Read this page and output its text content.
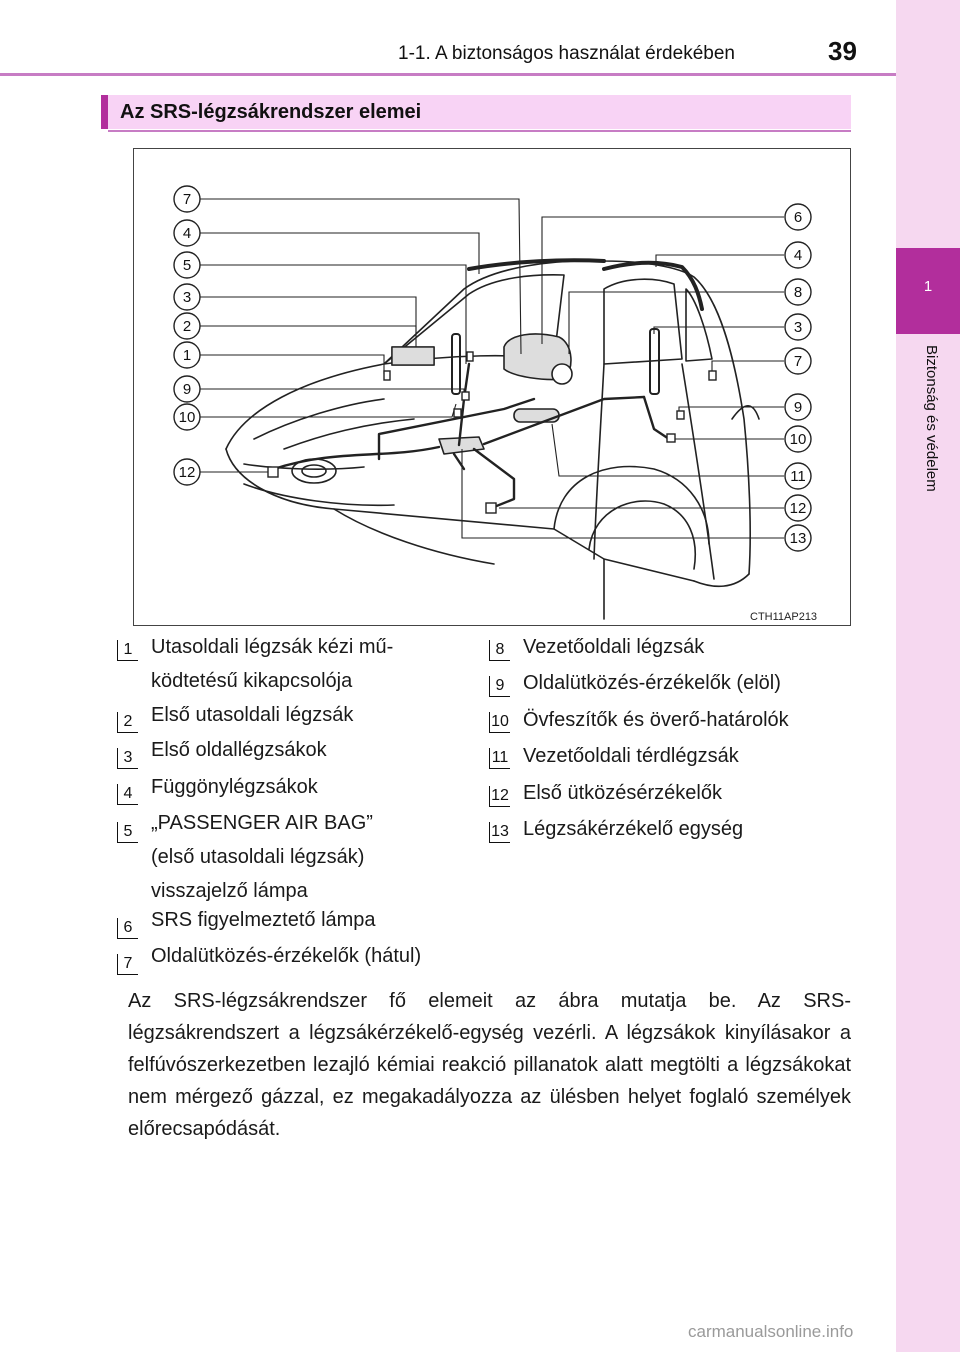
1
Biztonság és védelem
1-1. A biztonságos használat érdekében	39
Az SRS-légzsákrendszer elemei
7
4
5
3
2
1
9
10
12
6
4
8
3
7
9
10
11
12
13
CTH11AP213
1 Utasoldali légzsák kézi mű-
ködtetésű kikapcsolója
2 Első utasoldali légzsák
3 Első oldallégzsákok
4 Függönylégzsákok
5 „PASSENGER AIR BAG”
(első utasoldali légzsák)
visszajelző lámpa
6 SRS figyelmeztető lámpa
7 Oldalütközés-érzékelők (hátul)
8 Vezetőoldali légzsák
9 Oldalütközés-érzékelők (elöl)
10 Övfeszítők és överő-határolók
11 Vezetőoldali térdlégzsák
12 Első ütközésérzékelők
13 Légzsákérzékelő egység
Az SRS-légzsákrendszer fő elemeit az ábra mutatja be. Az SRS-légzsákrendszert a légzsákérzékelő-egység vezérli. A légzsákok kinyílásakor a felfúvószerkezetben lezajló kémiai reakció pillanatok alatt megtölti a légzsákokat nem mérgező gázzal, ez megakadályozza az ülésben helyet foglaló személyek előrecsapódását.
carmanualsonline.info
